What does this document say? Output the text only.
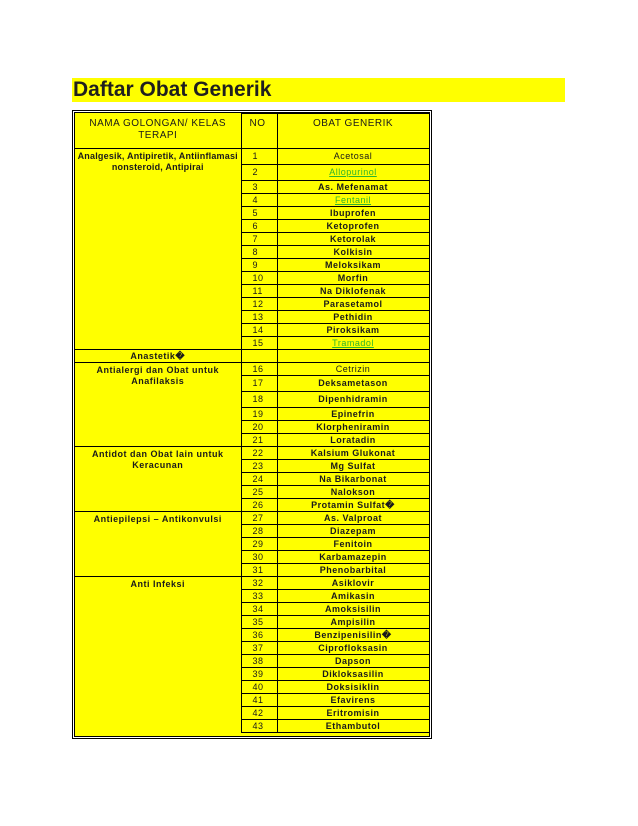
Daftar Obat Generik
NAMA GOLONGAN/ KELAS TERAPI	NO	OBAT GENERIK
Analgesik, Antipiretik, Antiinflamasi nonsteroid, Antipirai	1	Acetosal
	2	Allopurinol
	3	As. Mefenamat
	4	Fentanil
	5	Ibuprofen
	6	Ketoprofen
	7	Ketorolak
	8	Kolkisin
	9	Meloksikam
	10	Morfin
	11	Na Diklofenak
	12	Parasetamol
	13	Pethidin
	14	Piroksikam
	15	Tramadol
Anastetik�		
Antialergi dan Obat untuk Anafilaksis	16	Cetrizin
	17	Deksametason
	18	Dipenhidramin
	19	Epinefrin
	20	Klorpheniramin
	21	Loratadin
Antidot dan Obat lain untuk Keracunan	22	Kalsium Glukonat
	23	Mg Sulfat
	24	Na Bikarbonat
	25	Nalokson
	26	Protamin Sulfat�
Antiepilepsi – Antikonvulsi	27	As. Valproat
	28	Diazepam
	29	Fenitoin
	30	Karbamazepin
	31	Phenobarbital
Anti Infeksi	32	Asiklovir
	33	Amikasin
	34	Amoksisilin
	35	Ampisilin
	36	Benzipenisilin�
	37	Ciprofloksasin
	38	Dapson
	39	Dikloksasilin
	40	Doksisiklin
	41	Efavirens
	42	Eritromisin
	43	Ethambutol
